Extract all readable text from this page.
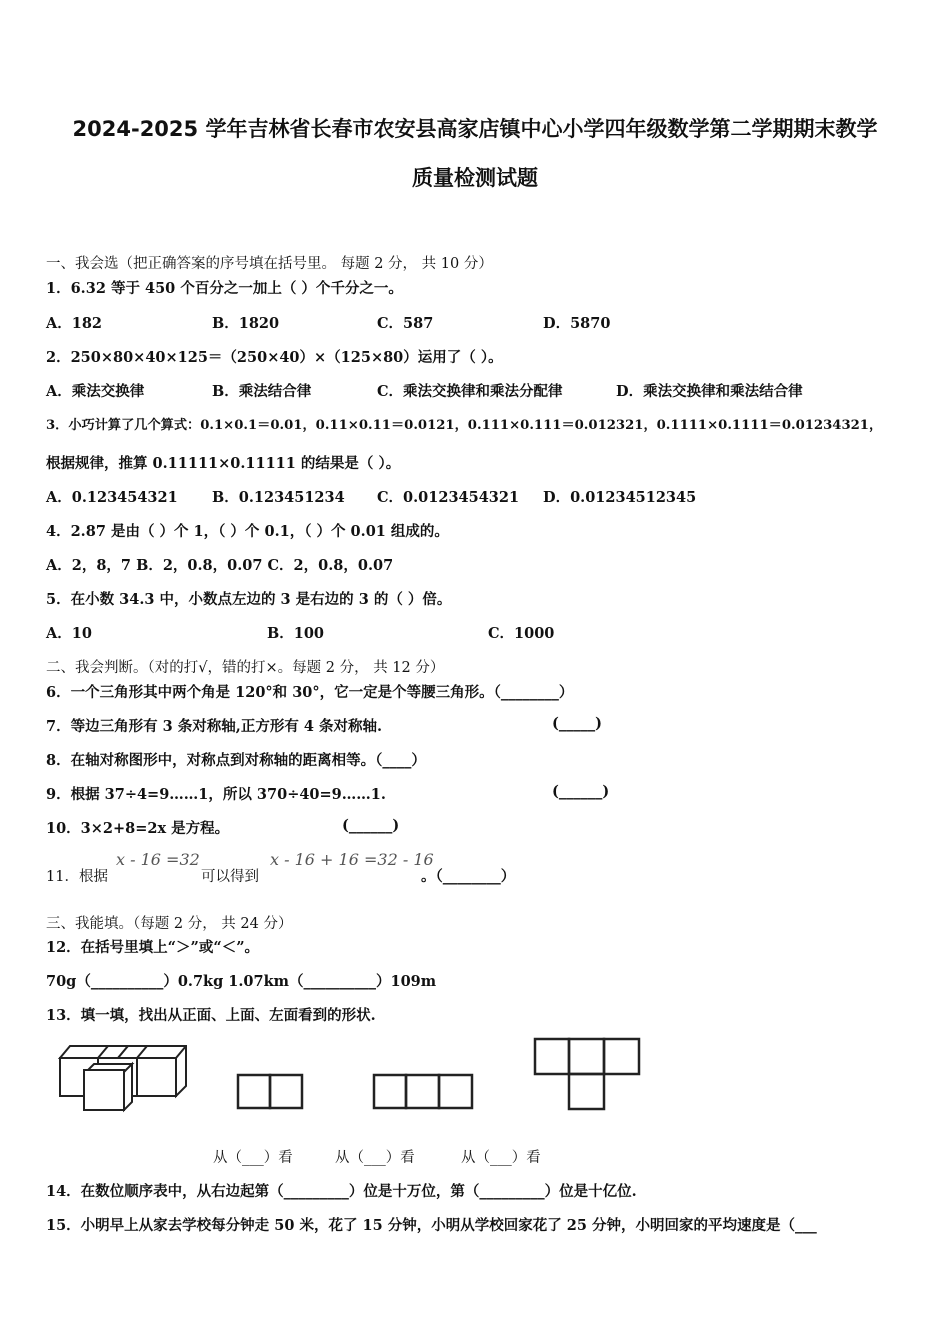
2024-2025 学年吉林省长春市农安县高家店镇中心小学四年级数学第二学期期末教学
质量检测试题
一、我会选（把正确答案的序号填在括号里。 每题 2 分， 共 10 分）
1．6.32 等于 450 个百分之一加上（ ）个千分之一。
A．182	B．1820	C．587	D．5870
2．250×80×40×125＝（250×40）×（125×80）运用了（ ）。
A．乘法交换律	B．乘法结合律	C．乘法交换律和乘法分配律	D．乘法交换律和乘法结合律
3．小巧计算了几个算式：0.1×0.1＝0.01，0.11×0.11＝0.0121，0.111×0.111＝0.012321，0.1111×0.1111＝0.01234321，
根据规律，推算 0.11111×0.11111 的结果是（ ）。
A．0.123454321 B．0.123451234 C．0.0123454321 D．0.01234512345
4．2.87 是由（ ）个 1，（ ）个 0.1，（ ）个 0.01 组成的。
A．2，8，7 B．2，0.8，0.07 C．2，0.8，0.07
5．在小数 34.3 中，小数点左边的 3 是右边的 3 的（ ）倍。
A．10	B．100	C．1000
二、我会判断。（对的打√，错的打×。每题 2 分， 共 12 分）
6．一个三角形其中两个角是 120°和 30°，它一定是个等腰三角形。（________）
7．等边三角形有 3 条对称轴,正方形有 4 条对称轴.	(_____)
8．在轴对称图形中，对称点到对称轴的距离相等。（____）
9．根据 37÷4=9……1，所以 370÷40=9……1.	(______)
10．3×2+8=2x 是方程。	(______)
11．根据
x - 16 =32
可以得到
x - 16 + 16 =32 - 16
。（________）
三、我能填。（每题 2 分， 共 24 分）
12．在括号里填上“＞”或“＜”。
70g（__________）0.7kg 1.07km（__________）109m
13．填一填，找出从正面、上面、左面看到的形状.
从（___）看	从（___）看	从（___）看
14．在数位顺序表中，从右边起第（_________）位是十万位，第（_________）位是十亿位.
15．小明早上从家去学校每分钟走 50 米，花了 15 分钟，小明从学校回家花了 25 分钟，小明回家的平均速度是（___
